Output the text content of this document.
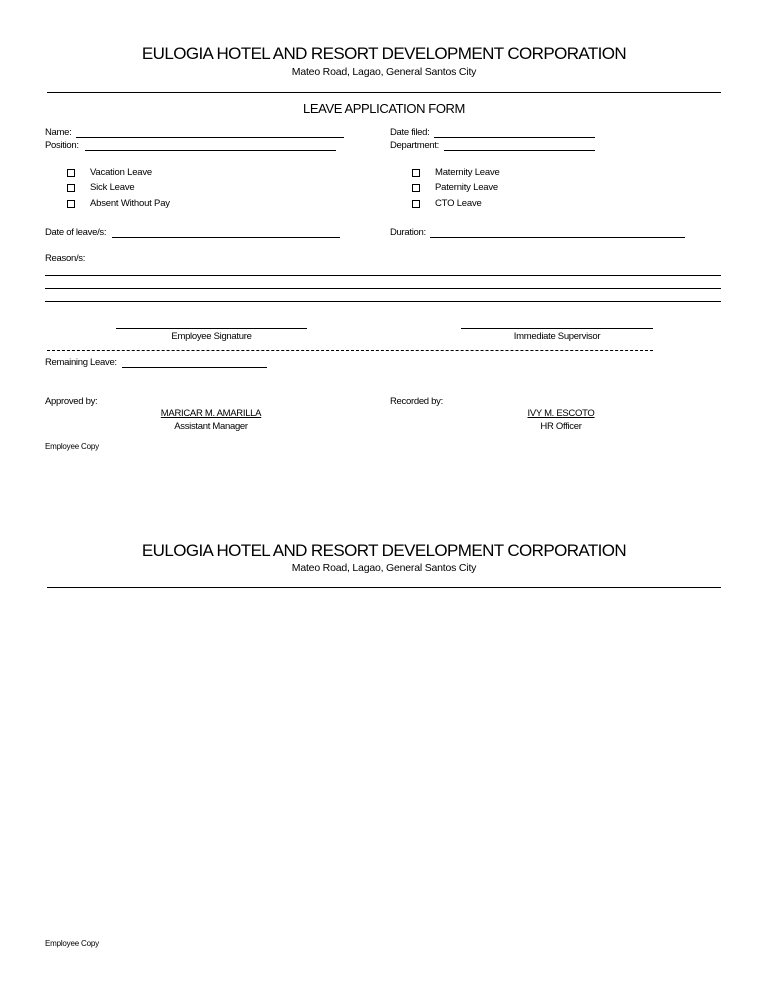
EULOGIA HOTEL AND RESORT DEVELOPMENT CORPORATION
Mateo Road, Lagao, General Santos City
LEAVE APPLICATION FORM
Name:
Position:
Date filed:
Department:
Vacation Leave
Sick Leave
Absent Without Pay
Maternity Leave
Paternity Leave
CTO Leave
Date of leave/s:	Duration:
Reason/s:
Employee Signature	Immediate Supervisor
Remaining Leave:
Approved by:
MARICAR M. AMARILLA
Assistant Manager
Recorded by:
IVY M. ESCOTO
HR Officer
Employee Copy
EULOGIA HOTEL AND RESORT DEVELOPMENT CORPORATION
Mateo Road, Lagao, General Santos City
Employee Copy
